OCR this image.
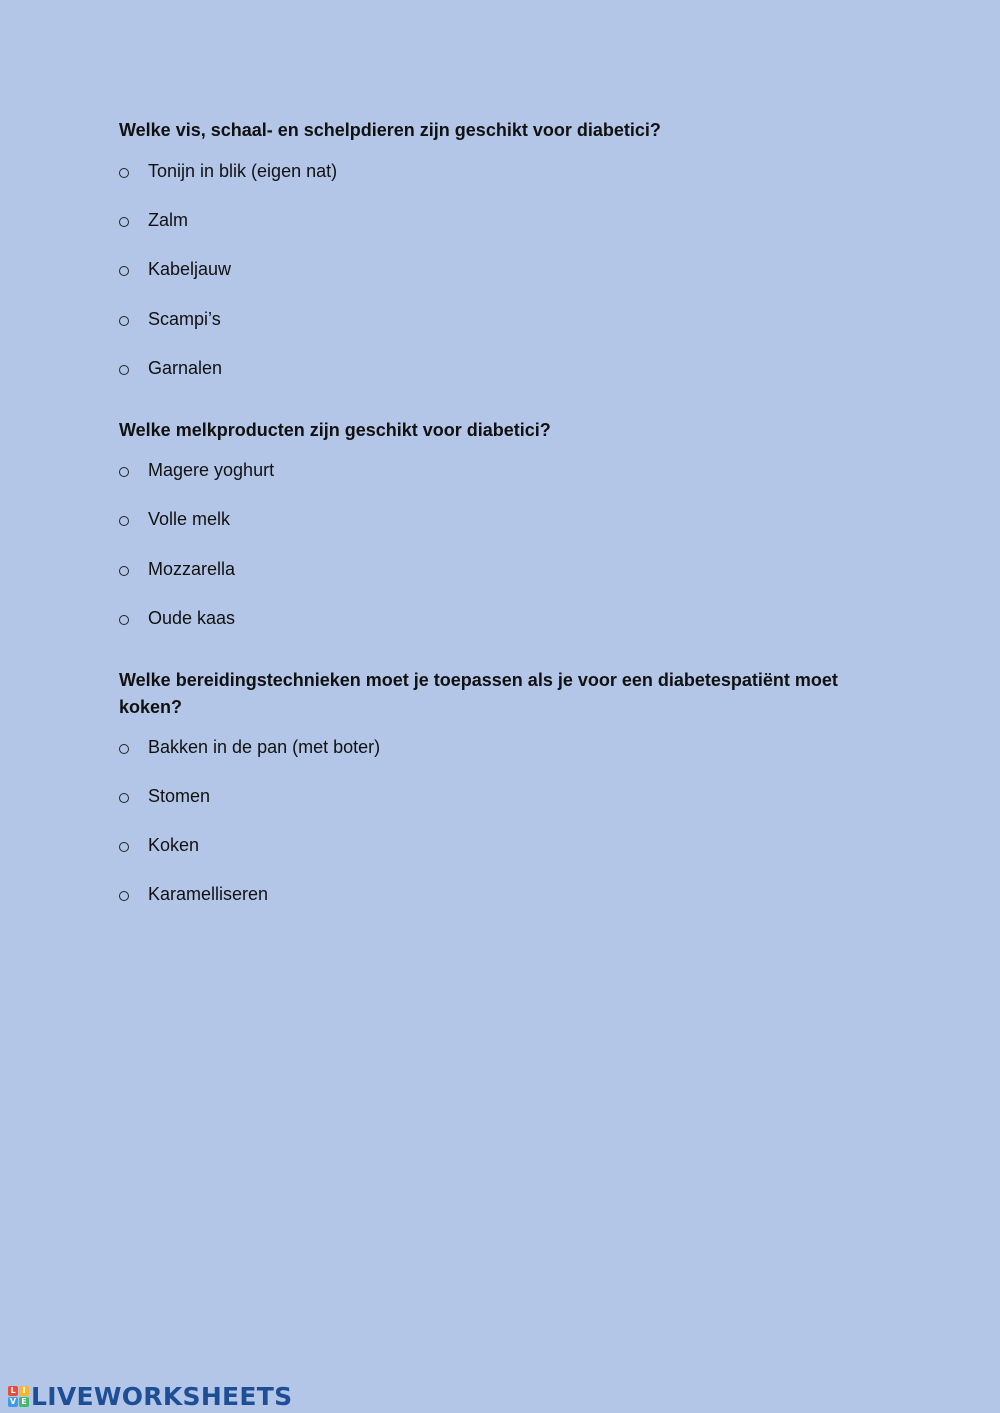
Welke vis, schaal- en schelpdieren zijn geschikt voor diabetici?

Tonijn in blik (eigen nat)
Zalm
Kabeljauw
Scampi’s
Garnalen

Welke melkproducten zijn geschikt voor diabetici?

Magere yoghurt
Volle melk
Mozzarella
Oude kaas

Welke bereidingstechnieken moet je toepassen als je voor een diabetespatiënt moet koken?

Bakken in de pan (met boter)
Stomen
Koken
Karamelliseren
L I
V E LIVEWORKSHEETS
